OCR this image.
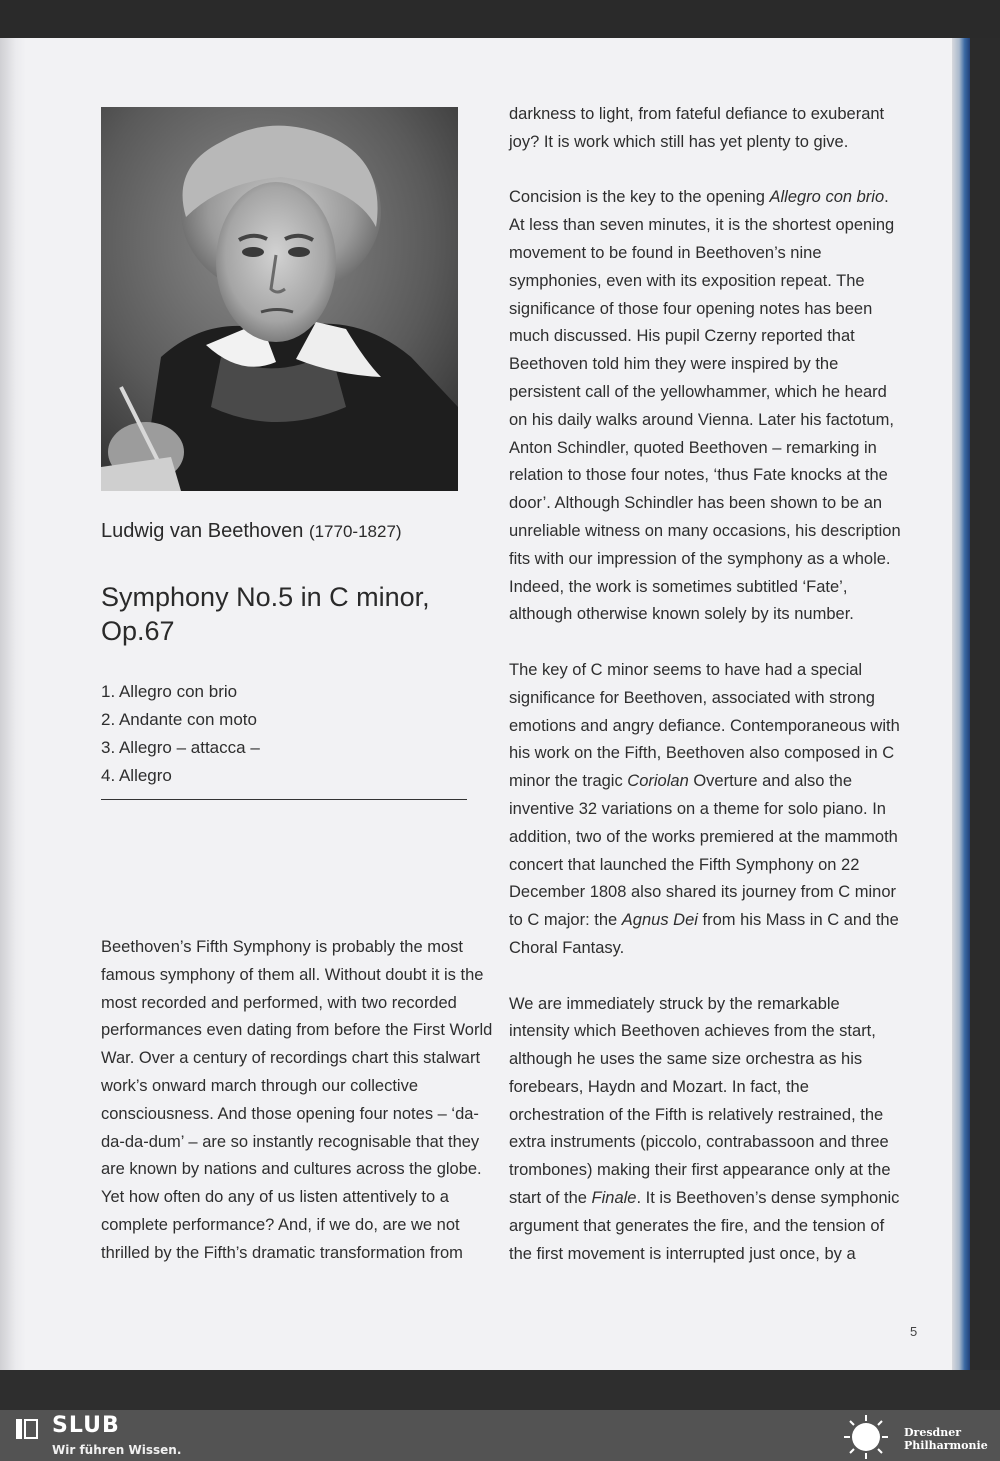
Ludwig van Beethoven (1770-1827)
Symphony No.5 in C minor,
Op.67
1. Allegro con brio
2. Andante con moto
3. Allegro – attacca –
4. Allegro

Beethoven’s Fifth Symphony is probably the most famous symphony of them all. Without doubt it is the most recorded and performed, with two recorded performances even dating from before the First World War. Over a century of recordings chart this stalwart work’s onward march through our collective consciousness. And those opening four notes – ‘da-da-da-dum’ – are so instantly recognisable that they are known by nations and cultures across the globe. Yet how often do any of us listen attentively to a complete performance? And, if we do, are we not thrilled by the Fifth’s dramatic transformation from

darkness to light, from fateful defiance to exuberant joy? It is work which still has yet plenty to give.

Concision is the key to the opening Allegro con brio. At less than seven minutes, it is the shortest opening movement to be found in Beethoven’s nine symphonies, even with its exposition repeat. The significance of those four opening notes has been much discussed. His pupil Czerny reported that Beethoven told him they were inspired by the persistent call of the yellowhammer, which he heard on his daily walks around Vienna. Later his factotum, Anton Schindler, quoted Beethoven – remarking in relation to those four notes, ‘thus Fate knocks at the door’. Although Schindler has been shown to be an unreliable witness on many occasions, his description fits with our impression of the symphony as a whole. Indeed, the work is sometimes subtitled ‘Fate’, although otherwise known solely by its number.

The key of C minor seems to have had a special significance for Beethoven, associated with strong emotions and angry defiance. Contemporaneous with his work on the Fifth, Beethoven also composed in C minor the tragic Coriolan Overture and also the inventive 32 variations on a theme for solo piano. In addition, two of the works premiered at the mammoth concert that launched the Fifth Symphony on 22 December 1808 also shared its journey from C minor to C major: the Agnus Dei from his Mass in C and the Choral Fantasy.

We are immediately struck by the remarkable intensity which Beethoven achieves from the start, although he uses the same size orchestra as his forebears, Haydn and Mozart. In fact, the orchestration of the Fifth is relatively restrained, the extra instruments (piccolo, contrabassoon and three trombones) making their first appearance only at the start of the Finale. It is Beethoven’s dense symphonic argument that generates the fire, and the tension of the first movement is interrupted just once, by a

5
SLUB
Wir führen Wissen.
Dresdner
Philharmonie
